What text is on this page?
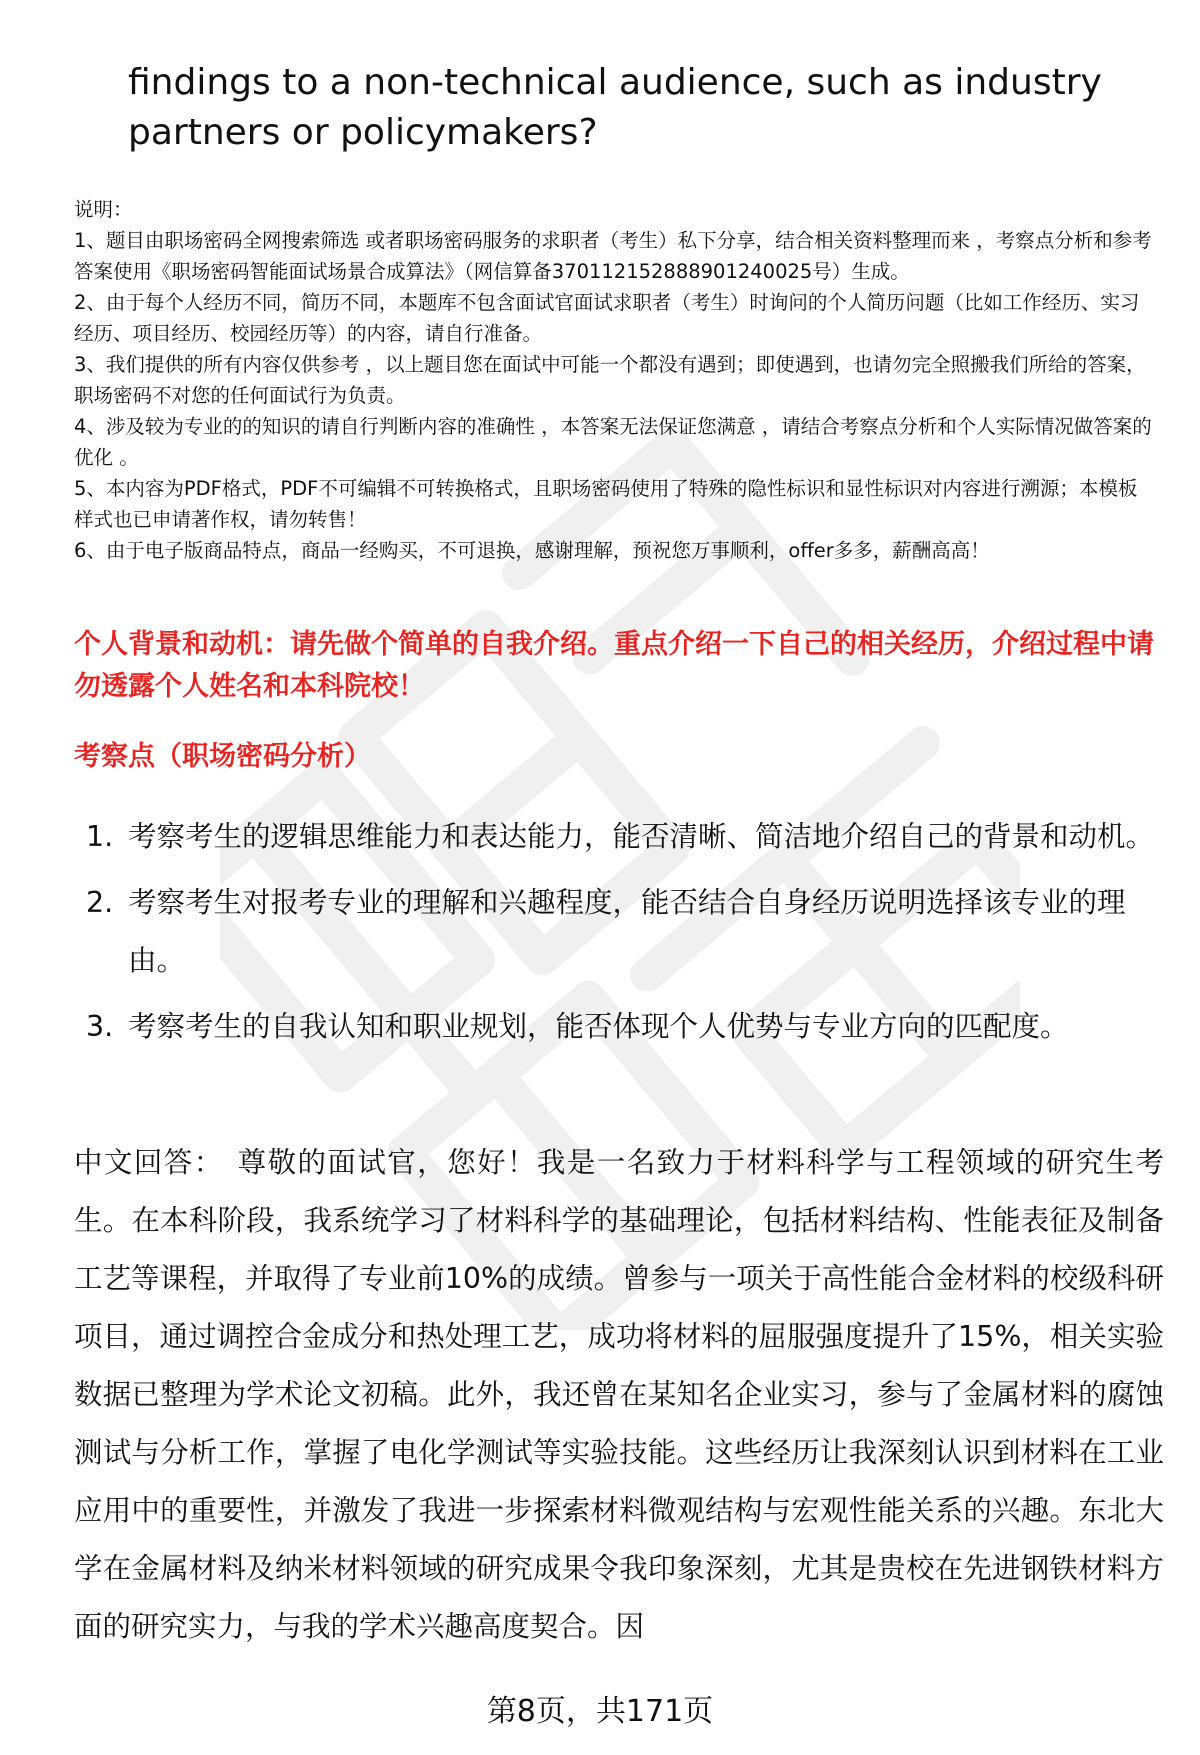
findings to a non-technical audience, such as industry partners or policymakers?

说明：

1、题目由职场密码全网搜索筛选 或者职场密码服务的求职者（考生）私下分享，结合相关资料整理而来 ，考察点分析和参考答案使用《职场密码智能面试场景合成算法》（网信算备370112152888901240025号）生成。

2、由于每个人经历不同，简历不同，本题库不包含面试官面试求职者（考生）时询问的个人简历问题（比如工作经历、实习经历、项目经历、校园经历等）的内容，请自行准备。

3、我们提供的所有内容仅供参考 ，以上题目您在面试中可能一个都没有遇到；即使遇到，也请勿完全照搬我们所给的答案，职场密码不对您的任何面试行为负责。

4、涉及较为专业的的知识的请自行判断内容的准确性 ，本答案无法保证您满意 ，请结合考察点分析和个人实际情况做答案的优化 。

5、本内容为PDF格式，PDF不可编辑不可转换格式，且职场密码使用了特殊的隐性标识和显性标识对内容进行溯源；本模板样式也已申请著作权，请勿转售！

6、由于电子版商品特点，商品一经购买，不可退换，感谢理解，预祝您万事顺利，offer多多，薪酬高高！

个人背景和动机：请先做个简单的自我介绍。重点介绍一下自己的相关经历，介绍过程中请勿透露个人姓名和本科院校！

考察点（职场密码分析）

1. 考察考生的逻辑思维能力和表达能力，能否清晰、简洁地介绍自己的背景和动机。
2. 考察考生对报考专业的理解和兴趣程度，能否结合自身经历说明选择该专业的理由。
3. 考察考生的自我认知和职业规划，能否体现个人优势与专业方向的匹配度。

中文回答： 尊敬的面试官，您好！我是一名致力于材料科学与工程领域的研究生考生。在本科阶段，我系统学习了材料科学的基础理论，包括材料结构、性能表征及制备工艺等课程，并取得了专业前10%的成绩。曾参与一项关于高性能合金材料的校级科研项目，通过调控合金成分和热处理工艺，成功将材料的屈服强度提升了15%，相关实验数据已整理为学术论文初稿。此外，我还曾在某知名企业实习，参与了金属材料的腐蚀测试与分析工作，掌握了电化学测试等实验技能。这些经历让我深刻认识到材料在工业应用中的重要性，并激发了我进一步探索材料微观结构与宏观性能关系的兴趣。东北大学在金属材料及纳米材料领域的研究成果令我印象深刻，尤其是贵校在先进钢铁材料方面的研究实力，与我的学术兴趣高度契合。因

第8页，共171页
